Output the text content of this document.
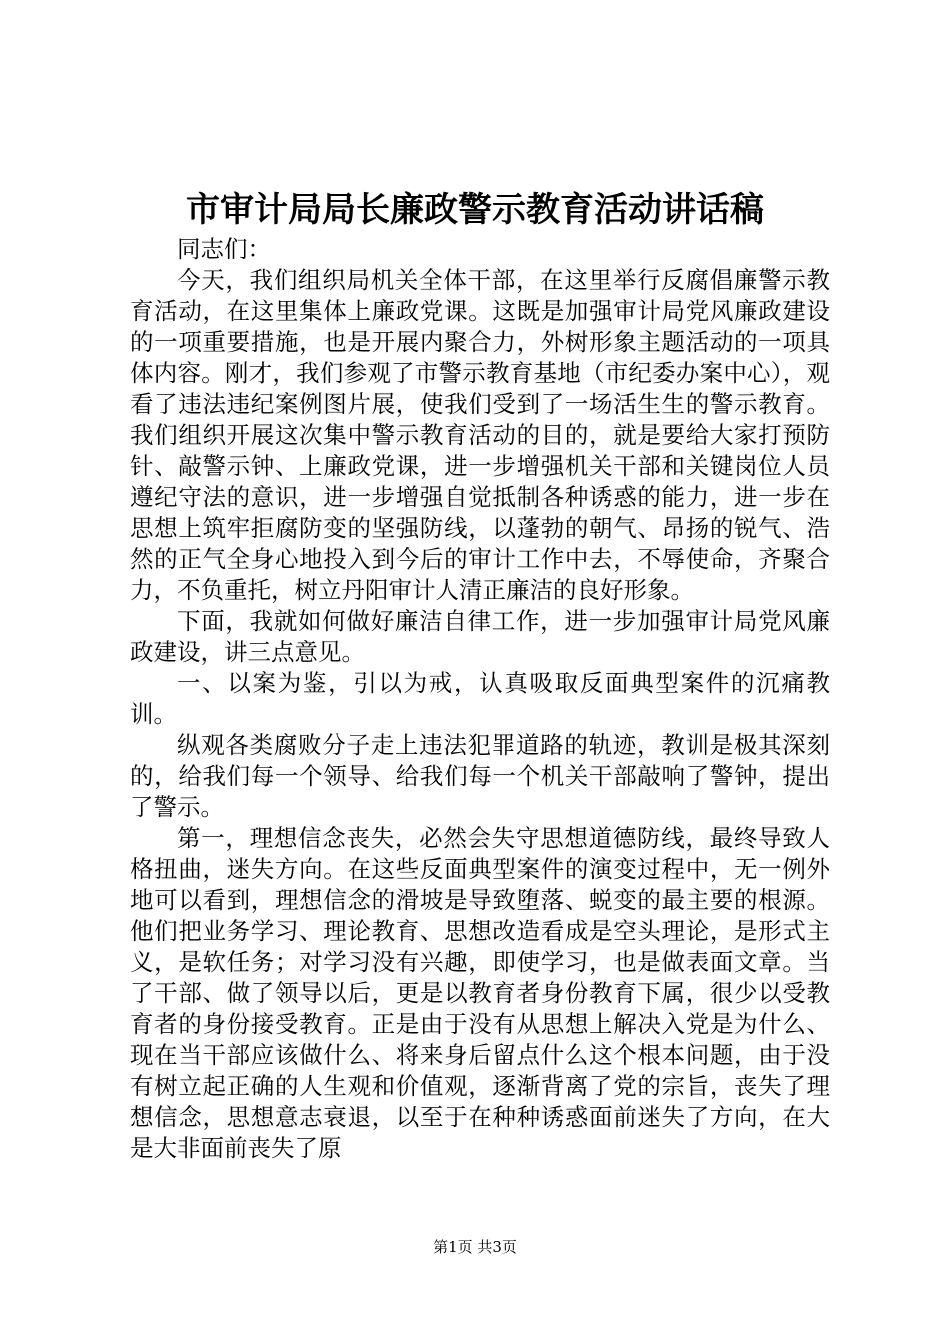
市审计局局长廉政警示教育活动讲话稿

同志们：

今天，我们组织局机关全体干部，在这里举行反腐倡廉警示教育活动，在这里集体上廉政党课。这既是加强审计局党风廉政建设的一项重要措施，也是开展内聚合力，外树形象主题活动的一项具体内容。刚才，我们参观了市警示教育基地（市纪委办案中心），观看了违法违纪案例图片展，使我们受到了一场活生生的警示教育。我们组织开展这次集中警示教育活动的目的，就是要给大家打预防针、敲警示钟、上廉政党课，进一步增强机关干部和关键岗位人员遵纪守法的意识，进一步增强自觉抵制各种诱惑的能力，进一步在思想上筑牢拒腐防变的坚强防线，以蓬勃的朝气、昂扬的锐气、浩然的正气全身心地投入到今后的审计工作中去，不辱使命，齐聚合力，不负重托，树立丹阳审计人清正廉洁的良好形象。

下面，我就如何做好廉洁自律工作，进一步加强审计局党风廉政建设，讲三点意见。

一、以案为鉴，引以为戒，认真吸取反面典型案件的沉痛教训。

纵观各类腐败分子走上违法犯罪道路的轨迹，教训是极其深刻的，给我们每一个领导、给我们每一个机关干部敲响了警钟，提出了警示。

第一，理想信念丧失，必然会失守思想道德防线，最终导致人格扭曲，迷失方向。在这些反面典型案件的演变过程中，无一例外地可以看到，理想信念的滑坡是导致堕落、蜕变的最主要的根源。他们把业务学习、理论教育、思想改造看成是空头理论，是形式主义，是软任务；对学习没有兴趣，即使学习，也是做表面文章。当了干部、做了领导以后，更是以教育者身份教育下属，很少以受教育者的身份接受教育。正是由于没有从思想上解决入党是为什么、现在当干部应该做什么、将来身后留点什么这个根本问题，由于没有树立起正确的人生观和价值观，逐渐背离了党的宗旨，丧失了理想信念，思想意志衰退，以至于在种种诱惑面前迷失了方向，在大是大非面前丧失了原

第1页 共3页
